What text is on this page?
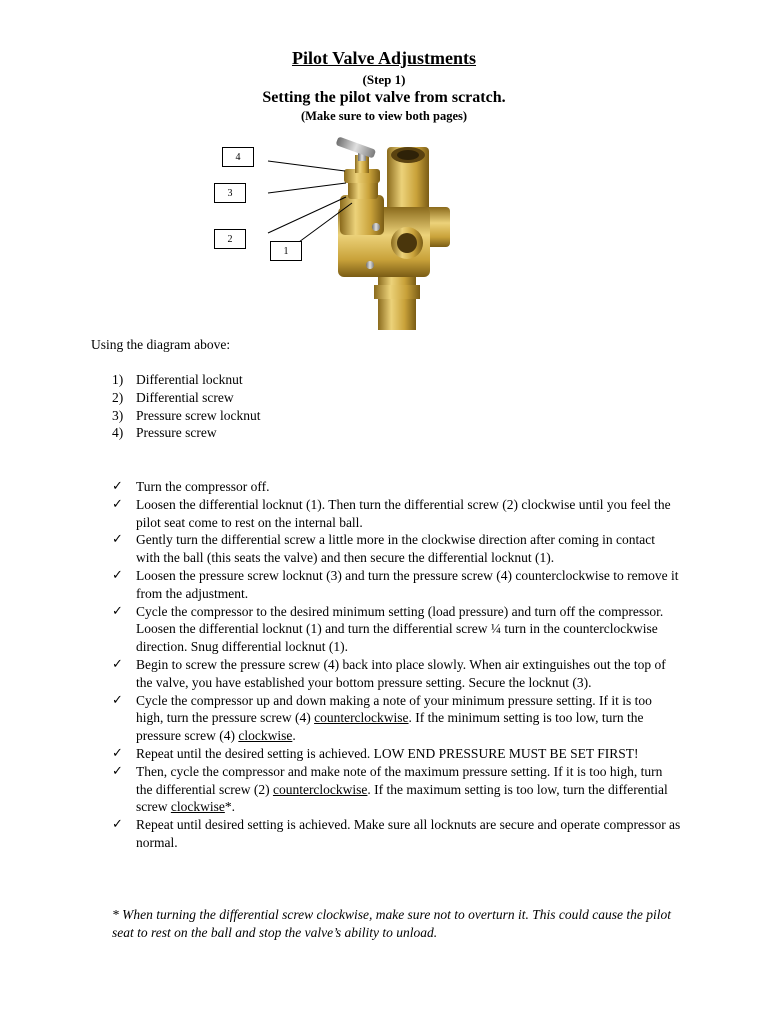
Pilot Valve Adjustments
(Step 1)
Setting the pilot valve from scratch.
(Make sure to view both pages)
4
3
2
1
Using the diagram above:
1) Differential locknut
2) Differential screw
3) Pressure screw locknut
4) Pressure screw
✓ Turn the compressor off.
✓ Loosen the differential locknut (1). Then turn the differential screw (2) clockwise until you feel the pilot seat come to rest on the internal ball.
✓ Gently turn the differential screw a little more in the clockwise direction after coming in contact with the ball (this seats the valve) and then secure the differential locknut (1).
✓ Loosen the pressure screw locknut (3) and turn the pressure screw (4) counterclockwise to remove it from the adjustment.
✓ Cycle the compressor to the desired minimum setting (load pressure) and turn off the compressor. Loosen the differential locknut (1) and turn the differential screw ¼ turn in the counterclockwise direction. Snug differential locknut (1).
✓ Begin to screw the pressure screw (4) back into place slowly. When air extinguishes out the top of the valve, you have established your bottom pressure setting. Secure the locknut (3).
✓ Cycle the compressor up and down making a note of your minimum pressure setting. If it is too high, turn the pressure screw (4) counterclockwise. If the minimum setting is too low, turn the pressure screw (4) clockwise.
✓ Repeat until the desired setting is achieved. LOW END PRESSURE MUST BE SET FIRST!
✓ Then, cycle the compressor and make note of the maximum pressure setting. If it is too high, turn the differential screw (2) counterclockwise. If the maximum setting is too low, turn the differential screw clockwise*.
✓ Repeat until desired setting is achieved. Make sure all locknuts are secure and operate compressor as normal.
* When turning the differential screw clockwise, make sure not to overturn it. This could cause the pilot seat to rest on the ball and stop the valve’s ability to unload.
